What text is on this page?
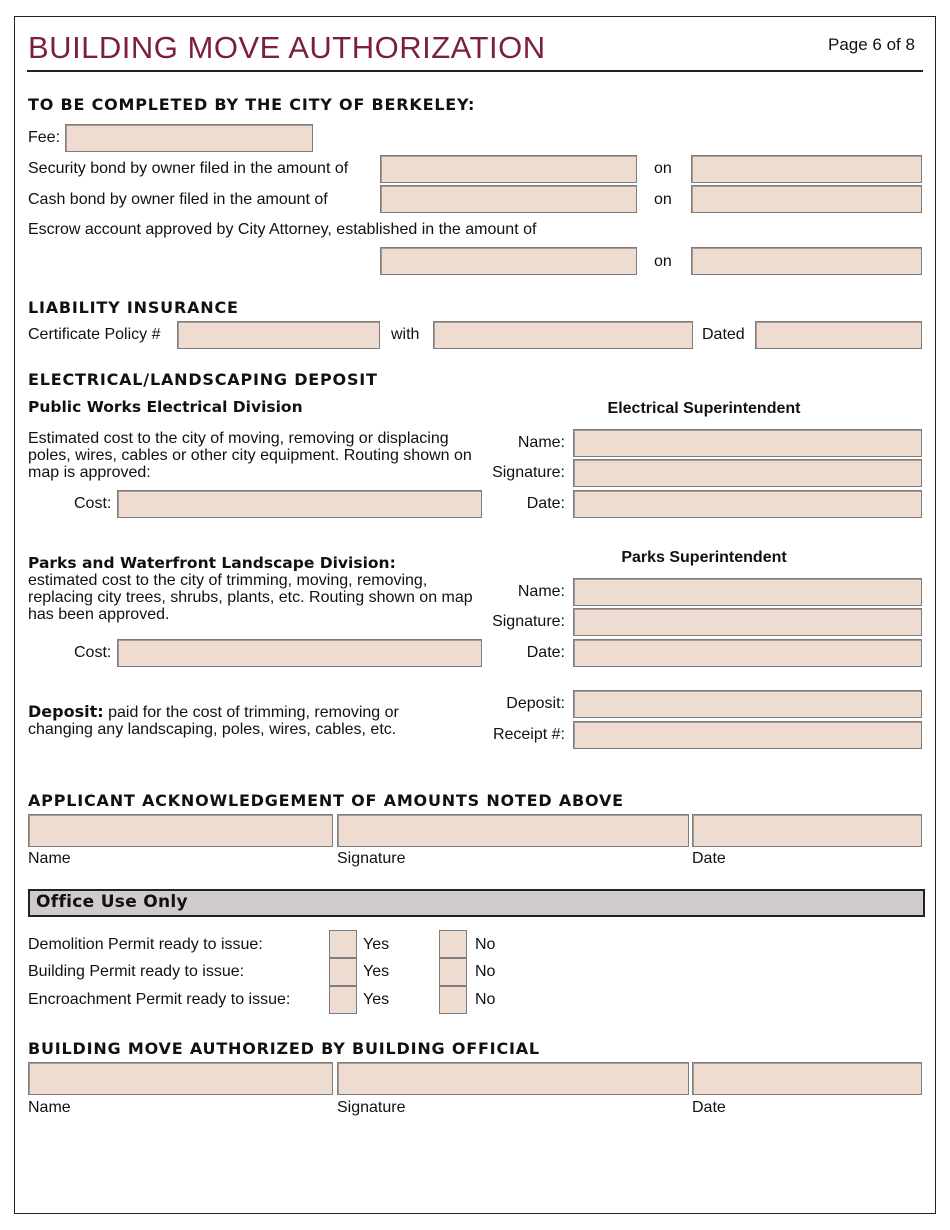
BUILDING MOVE AUTHORIZATION	Page 6 of 8
TO BE COMPLETED BY THE CITY OF BERKELEY:
Fee:
Security bond by owner filed in the amount of	on
Cash bond by owner filed in the amount of	on
Escrow account approved by City Attorney, established in the amount of
on
LIABILITY INSURANCE
Certificate Policy #	with	Dated
ELECTRICAL/LANDSCAPING DEPOSIT
Public Works Electrical Division	Electrical Superintendent
Estimated cost to the city of moving, removing or displacing poles, wires, cables or other city equipment. Routing shown on map is approved:
Cost:
Name:
Signature:
Date:
Parks and Waterfront Landscape Division:	Parks Superintendent
estimated cost to the city of trimming, moving, removing, replacing city trees, shrubs, plants, etc. Routing shown on map has been approved.
Cost:
Name:
Signature:
Date:
Deposit: paid for the cost of trimming, removing or changing any landscaping, poles, wires, cables, etc.
Deposit:
Receipt #:
APPLICANT ACKNOWLEDGEMENT OF AMOUNTS NOTED ABOVE
Name	Signature	Date
Office Use Only
Demolition Permit ready to issue:	Yes	No
Building Permit ready to issue:	Yes	No
Encroachment Permit ready to issue:	Yes	No
BUILDING MOVE AUTHORIZED BY BUILDING OFFICIAL
Name	Signature	Date
